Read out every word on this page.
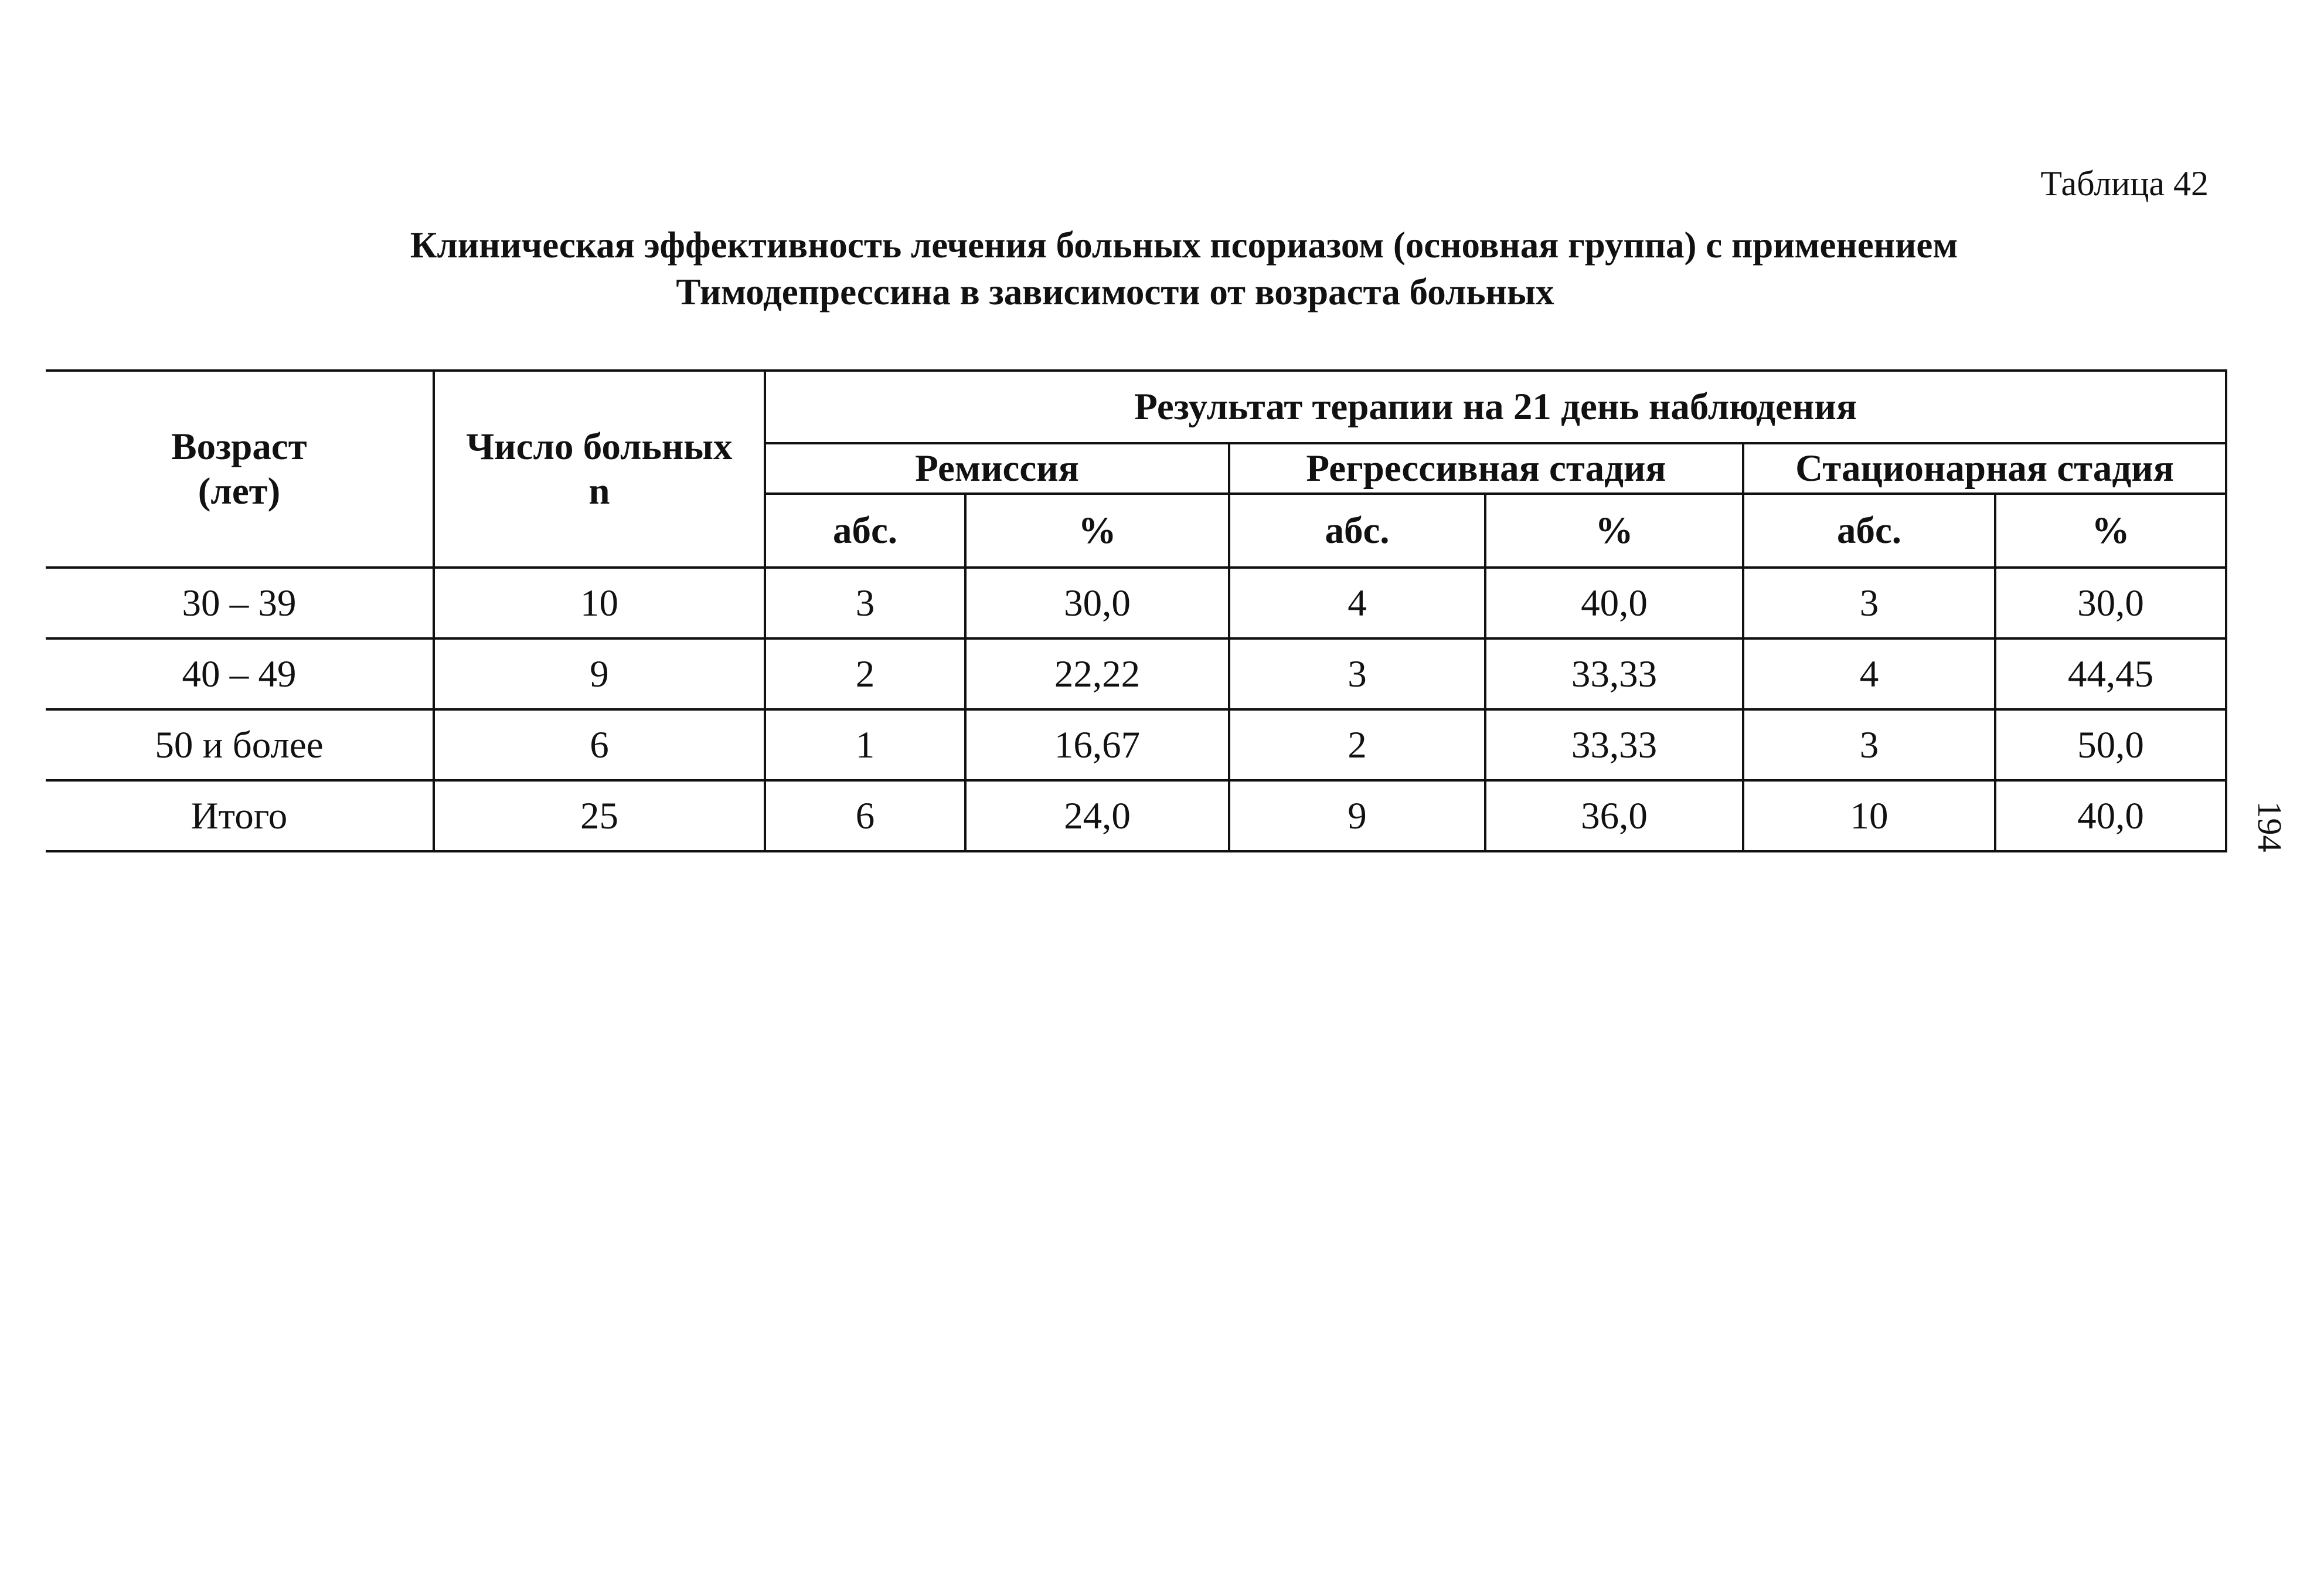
Таблица 42
Клиническая эффективность лечения больных псориазом (основная группа) с применением
Тимодепрессина в зависимости от возраста больных
Возраст
(лет)	Число больных
n	Результат терапии на 21 день наблюдения					
		Ремиссия		Регрессивная стадия		Стационарная стадия	
		абс.	%	абс.	%	абс.	%
30 – 39	10	3	30,0	4	40,0	3	30,0
40 – 49	9	2	22,22	3	33,33	4	44,45
50 и более	6	1	16,67	2	33,33	3	50,0
Итого	25	6	24,0	9	36,0	10	40,0	194
